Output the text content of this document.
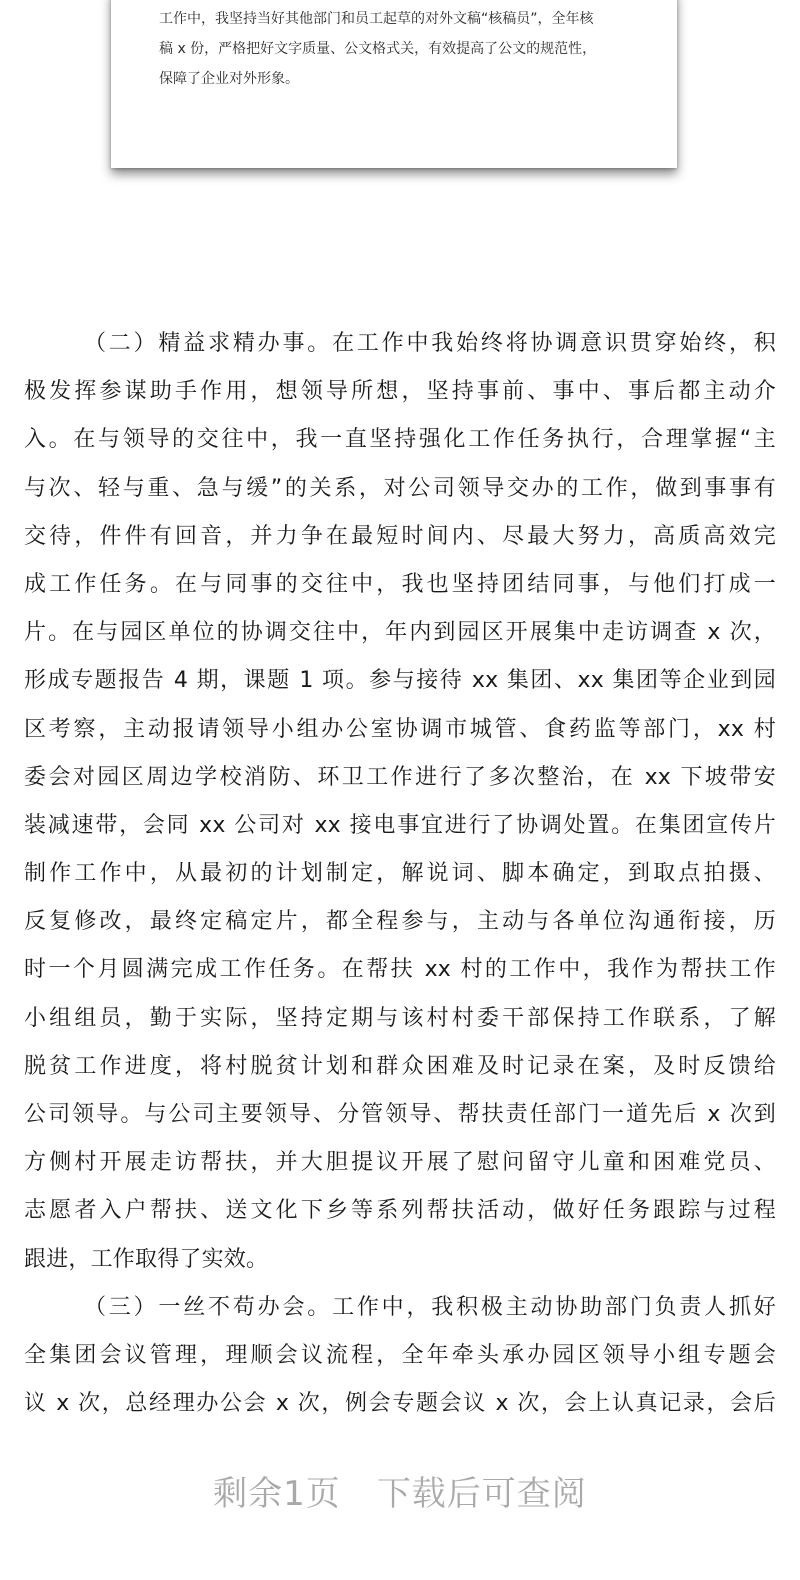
工作中，我坚持当好其他部门和员工起草的对外文稿“核稿员”，全年核
稿 x 份，严格把好文字质量、公文格式关，有效提高了公文的规范性，
保障了企业对外形象。
（二）精益求精办事。在工作中我始终将协调意识贯穿始终，积
极发挥参谋助手作用，想领导所想，坚持事前、事中、事后都主动介
入。在与领导的交往中，我一直坚持强化工作任务执行，合理掌握“主
与次、轻与重、急与缓”的关系，对公司领导交办的工作，做到事事有
交待，件件有回音，并力争在最短时间内、尽最大努力，高质高效完
成工作任务。在与同事的交往中，我也坚持团结同事，与他们打成一
片。在与园区单位的协调交往中，年内到园区开展集中走访调查 x 次，
形成专题报告 4 期，课题 1 项。参与接待 xx 集团、xx 集团等企业到园
区考察，主动报请领导小组办公室协调市城管、食药监等部门，xx 村
委会对园区周边学校消防、环卫工作进行了多次整治，在 xx 下坡带安
装减速带，会同 xx 公司对 xx 接电事宜进行了协调处置。在集团宣传片
制作工作中，从最初的计划制定，解说词、脚本确定，到取点拍摄、
反复修改，最终定稿定片，都全程参与，主动与各单位沟通衔接，历
时一个月圆满完成工作任务。在帮扶 xx 村的工作中，我作为帮扶工作
小组组员，勤于实际，坚持定期与该村村委干部保持工作联系，了解
脱贫工作进度，将村脱贫计划和群众困难及时记录在案，及时反馈给
公司领导。与公司主要领导、分管领导、帮扶责任部门一道先后 x 次到
方侧村开展走访帮扶，并大胆提议开展了慰问留守儿童和困难党员、
志愿者入户帮扶、送文化下乡等系列帮扶活动，做好任务跟踪与过程
跟进，工作取得了实效。
（三）一丝不苟办会。工作中，我积极主动协助部门负责人抓好
全集团会议管理，理顺会议流程，全年牵头承办园区领导小组专题会
议 x 次，总经理办公会 x 次，例会专题会议 x 次，会上认真记录，会后
剩余1页 下载后可查阅
